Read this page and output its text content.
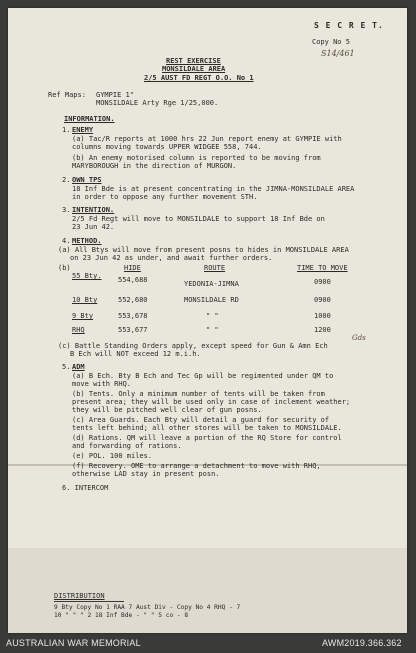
S E C R E T.
Copy No 5
S14/461
REST EXERCISE
MONSILDALE AREA
2/5 AUST FD REGT O.O. No 1
Ref Maps: GYMPIE 1"
MONSILDALE Arty Rge 1/25,000.
INFORMATION.
1. ENEMY
(a) Tac/R reports at 1000 hrs 22 Jun report enemy at GYMPIE with
columns moving towards UPPER WIDGEE 558, 744.
(b) An enemy motorised column is reported to be moving from
MARYBOROUGH in the direction of MURGON.
2. OWN TPS
18 Inf Bde is at present concentrating in the JIMNA-MONSILDALE AREA
in order to oppose any further movement STH.
3. INTENTION.
2/5 Fd Regt will move to MONSILDALE to support 18 Inf Bde on
23 Jun 42.
4. METHOD.
(a) All Btys will move from present posns to hides in MONSILDALE AREA
on 23 Jun 42 as under, and await further orders.
(b)	HIDE	ROUTE	TIME TO MOVE
55 Bty. 554,688	YEDONIA-JIMNA	0900
10 Bty	552,680	MONSILDALE RD	0900
9 Bty	553,678	" "	1000
RHQ	553,677	" "	1200
Gds
(c) Battle Standing Orders apply, except speed for Gun & Amn Ech
B Ech will NOT exceed 12 m.i.h.
5. ADM
(a) B Ech. Bty B Ech and Tec Gp will be regimented under QM to
move with RHQ.
(b) Tents. Only a minimum number of tents will be taken from
present area; they will be used only in case of inclement weather;
they will be pitched well clear of gun posns.
(c) Area Guards. Each Bty will detail a guard for security of
tents left behind; all other stores will be taken to MONSILDALE.
(d) Rations. QM will leave a portion of the RQ Store for control
and forwarding of rations.
(e) POL. 100 miles.
(f) Recovery. OME to arrange a detachment to move with RHQ,
otherwise LAD stay in present posn.
6. INTERCOM
DISTRIBUTION
9 Bty Copy No 1 RAA 7 Aust Div - Copy No 4 RHQ - 7
10 " " " 2 18 Inf Bde - " " 5 co - 8
AUSTRALIAN WAR MEMORIAL	AWM2019.366.362
